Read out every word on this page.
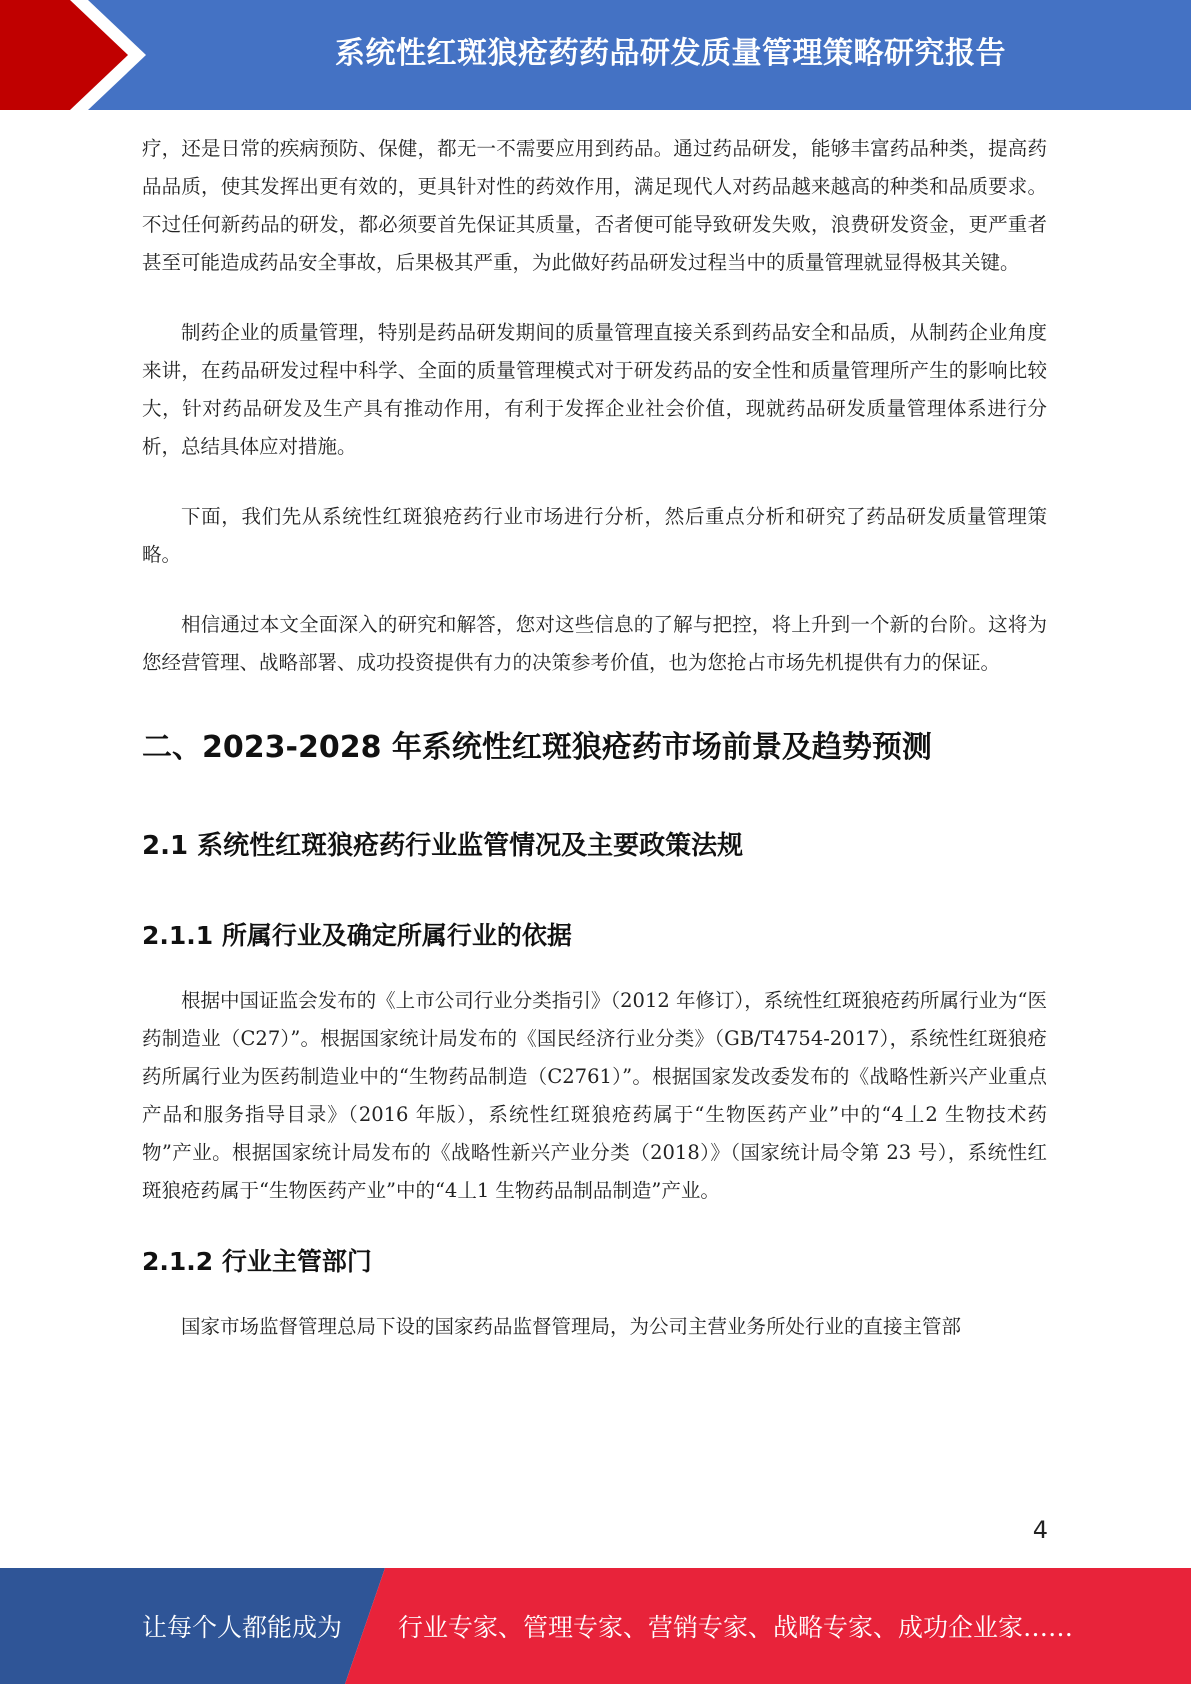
系统性红斑狼疮药药品研发质量管理策略研究报告

疗，还是日常的疾病预防、保健，都无一不需要应用到药品。通过药品研发，能够丰富药品种类，提高药品品质，使其发挥出更有效的，更具针对性的药效作用，满足现代人对药品越来越高的种类和品质要求。不过任何新药品的研发，都必须要首先保证其质量，否者便可能导致研发失败，浪费研发资金，更严重者甚至可能造成药品安全事故，后果极其严重，为此做好药品研发过程当中的质量管理就显得极其关键。

制药企业的质量管理，特别是药品研发期间的质量管理直接关系到药品安全和品质，从制药企业角度来讲，在药品研发过程中科学、全面的质量管理模式对于研发药品的安全性和质量管理所产生的影响比较大，针对药品研发及生产具有推动作用，有利于发挥企业社会价值，现就药品研发质量管理体系进行分析，总结具体应对措施。

下面，我们先从系统性红斑狼疮药行业市场进行分析，然后重点分析和研究了药品研发质量管理策略。

相信通过本文全面深入的研究和解答，您对这些信息的了解与把控，将上升到一个新的台阶。这将为您经营管理、战略部署、成功投资提供有力的决策参考价值，也为您抢占市场先机提供有力的保证。

二、2023-2028 年系统性红斑狼疮药市场前景及趋势预测
2.1 系统性红斑狼疮药行业监管情况及主要政策法规
2.1.1 所属行业及确定所属行业的依据

根据中国证监会发布的《上市公司行业分类指引》（2012 年修订），系统性红斑狼疮药所属行业为“医药制造业（C27）”。根据国家统计局发布的《国民经济行业分类》（GB/T4754-2017），系统性红斑狼疮药所属行业为医药制造业中的“生物药品制造（C2761）”。根据国家发改委发布的《战略性新兴产业重点产品和服务指导目录》（2016 年版），系统性红斑狼疮药属于“生物医药产业”中的“4丄2 生物技术药物”产业。根据国家统计局发布的《战略性新兴产业分类（2018）》（国家统计局令第 23 号），系统性红斑狼疮药属于“生物医药产业”中的“4丄1 生物药品制品制造”产业。

2.1.2 行业主管部门

国家市场监督管理总局下设的国家药品监督管理局，为公司主营业务所处行业的直接主管部

4
让每个人都能成为 行业专家、管理专家、营销专家、战略专家、成功企业家……
